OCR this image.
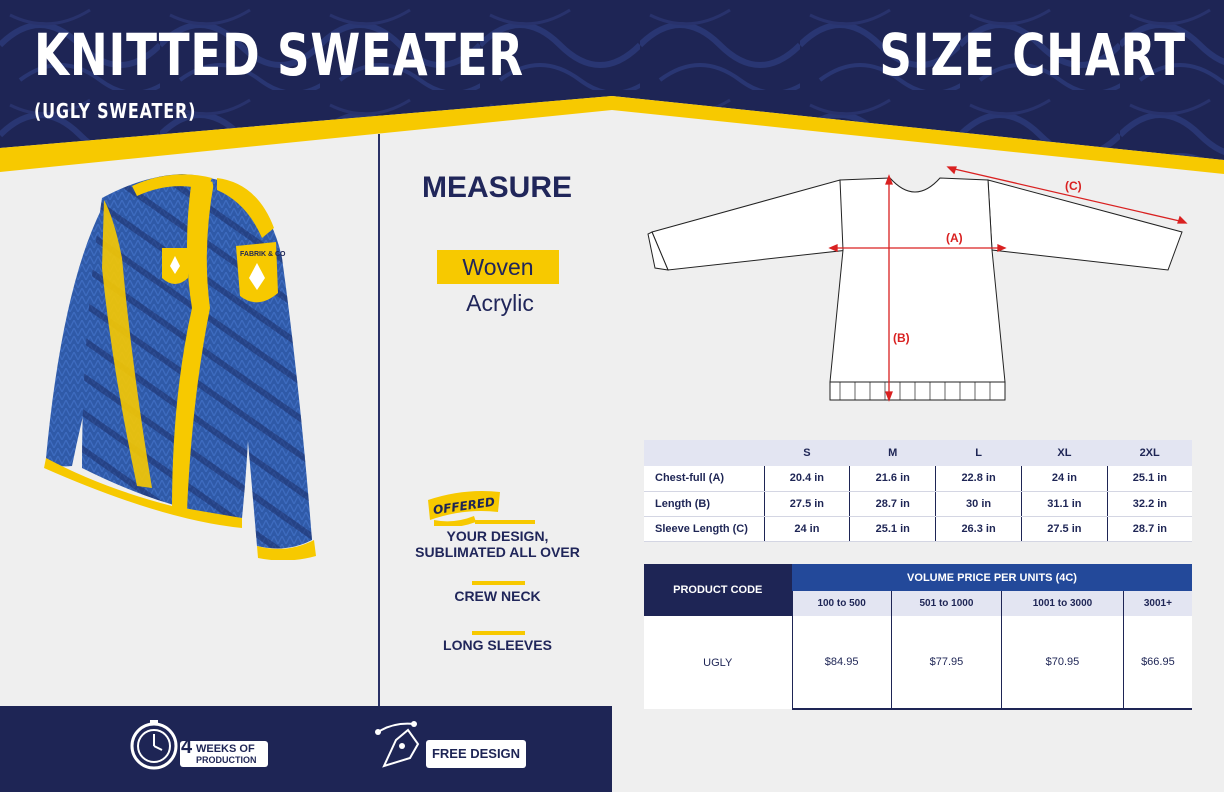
KNITTED SWEATER
(UGLY SWEATER)
SIZE CHART
FABRIK & CO
MEASURE
Woven
Acrylic
OFFERED
YOUR DESIGN,
SUBLIMATED ALL OVER
CREW NECK
LONG SLEEVES
4 WEEKS OF
PRODUCTION	FREE DESIGN
(A)
(B)
(C)
	S	M	L	XL	2XL
Chest-full (A)	20.4 in	21.6 in	22.8 in	24 in	25.1 in
Length (B)	27.5 in	28.7 in	30 in	31.1 in	32.2 in
Sleeve Length (C)	24 in	25.1 in	26.3 in	27.5 in	28.7 in
PRODUCT CODE	VOLUME PRICE PER UNITS (4C)			
	100 to 500	501 to 1000	1001 to 3000	3001+
UGLY	$84.95	$77.95	$70.95	$66.95
